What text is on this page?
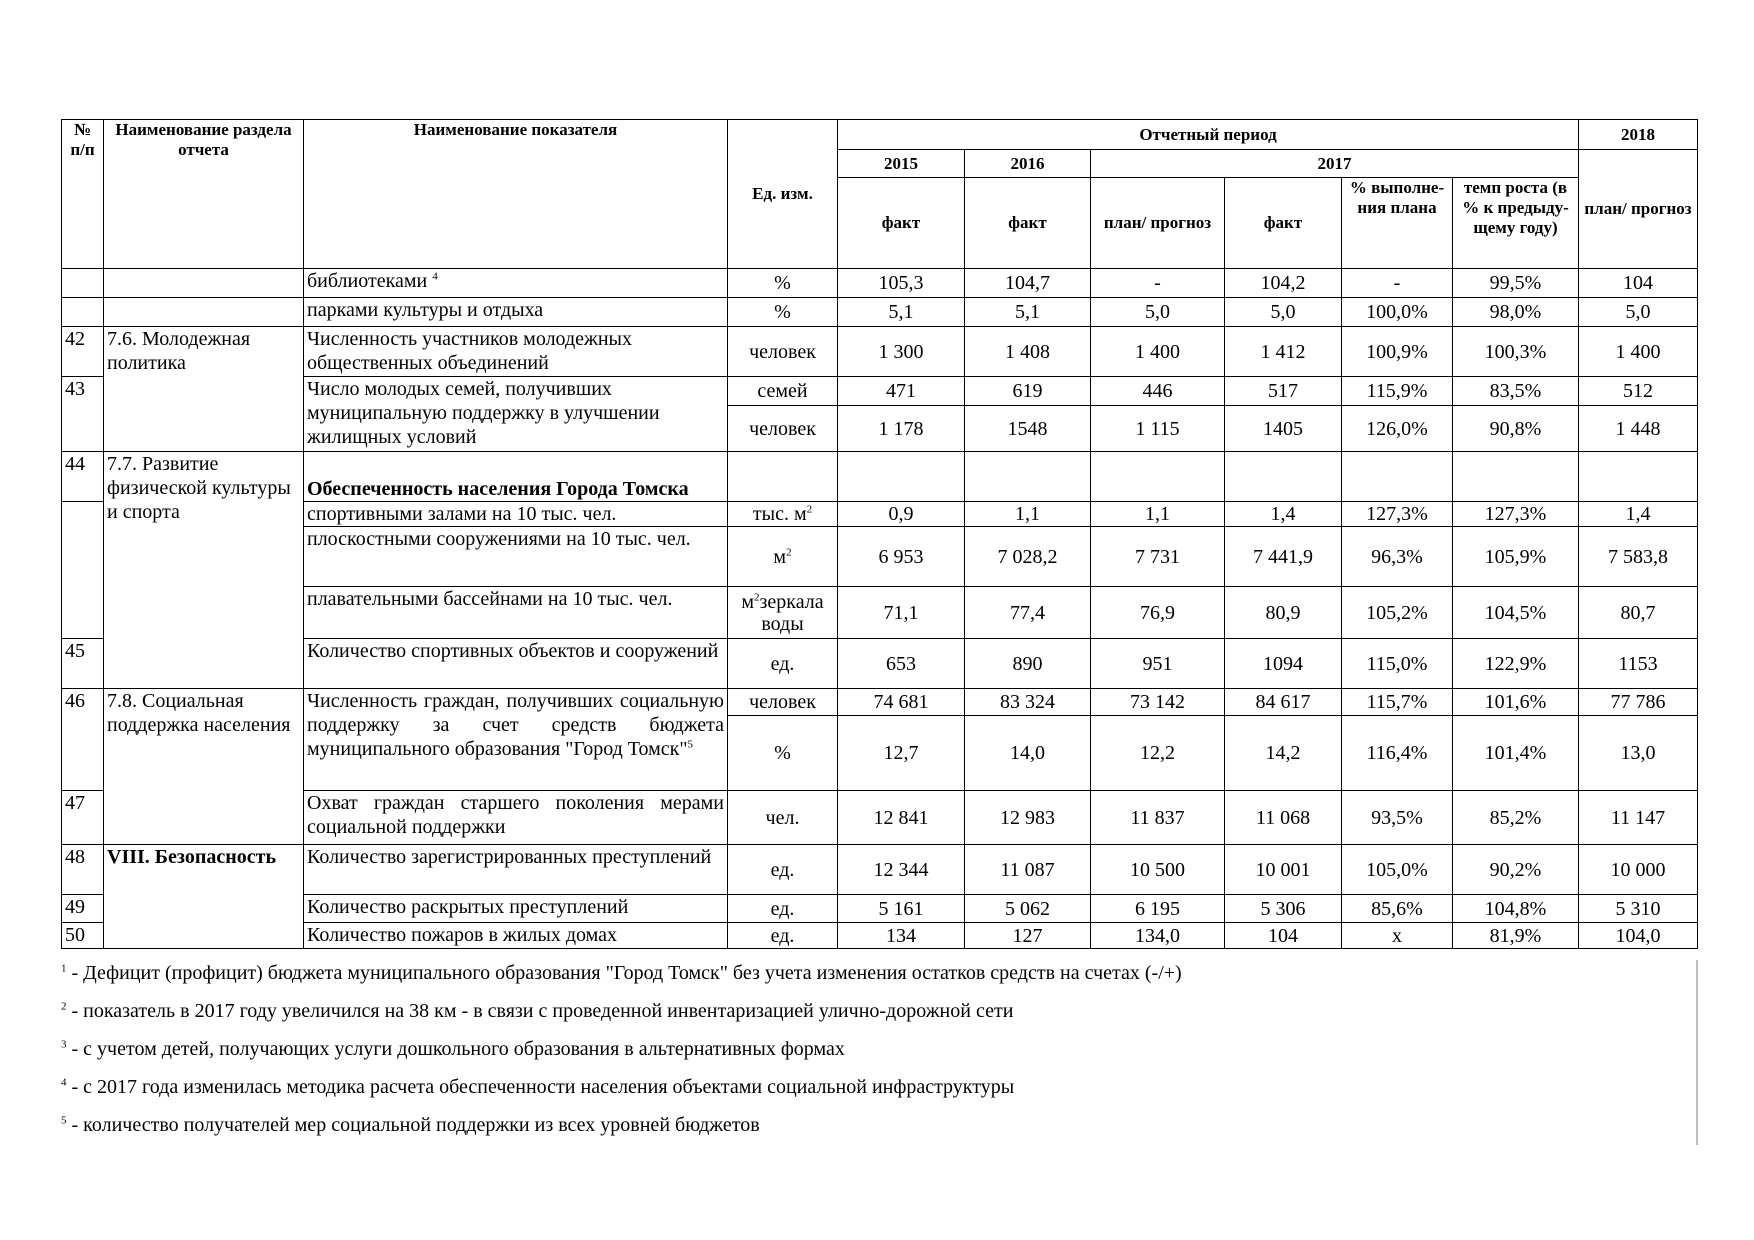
№ п/п	Наименование раздела отчета	Наименование показателя	Ед. изм.	Отчетный период						2018
				2015	2016	2017				план/ прогноз
				факт	факт	план/ прогноз	факт	% выполне-ния плана	темп роста (в % к предыду-щему году)	
		библиотеками $^4$	%	105,3	104,7	-	104,2	-	99,5%	104
		парками культуры и отдыха	%	5,1	5,1	5,0	5,0	100,0%	98,0%	5,0
42	7.6. Молодежная политика	Численность участников молодежных общественных объединений	человек	1 300	1 408	1 400	1 412	100,9%	100,3%	1 400
43		Число молодых семей, получивших муниципальную поддержку в улучшении жилищных условий	семей	471	619	446	517	115,9%	83,5%	512
			человек	1 178	1548	1 115	1405	126,0%	90,8%	1 448
44	7.7. Развитие физической культуры и спорта	Обеспеченность населения Города Томска								
		спортивными залами на 10 тыс. чел.	тыс. $м^2$	0,9	1,1	1,1	1,4	127,3%	127,3%	1,4
		плоскостными сооружениями на 10 тыс. чел.	$м^2$	6 953	7 028,2	7 731	7 441,9	96,3%	105,9%	7 583,8
		плавательными бассейнами на 10 тыс. чел.	$м^2зеркала$ воды	71,1	77,4	76,9	80,9	105,2%	104,5%	80,7
45		Количество спортивных объектов и сооружений	ед.	653	890	951	1094	115,0%	122,9%	1153
46	7.8. Социальная поддержка населения	Численность граждан, получивших социальную поддержку за счет средств бюджета муниципального образования "Город Томск"$^5$	человек	74 681	83 324	73 142	84 617	115,7%	101,6%	77 786
			%	12,7	14,0	12,2	14,2	116,4%	101,4%	13,0
47		Охват граждан старшего поколения мерами социальной поддержки	чел.	12 841	12 983	11 837	11 068	93,5%	85,2%	11 147
48	VIII. Безопасность	Количество зарегистрированных преступлений	ед.	12 344	11 087	10 500	10 001	105,0%	90,2%	10 000
49		Количество раскрытых преступлений	ед.	5 161	5 062	6 195	5 306	85,6%	104,8%	5 310
50		Количество пожаров в жилых домах	ед.	134	127	134,0	104	х	81,9%	104,0
$^1$ - Дефицит (профицит) бюджета муниципального образования "Город Томск" без учета изменения остатков средств на счетах (-/+)
$^2$ - показатель в 2017 году увеличился на 38 км - в связи с проведенной инвентаризацией улично-дорожной сети
$^3$ - с учетом детей, получающих услуги дошкольного образования в альтернативных формах
$^4$ - с 2017 года изменилась методика расчета обеспеченности населения объектами социальной инфраструктуры
$^5$ - количество получателей мер социальной поддержки из всех уровней бюджетов
